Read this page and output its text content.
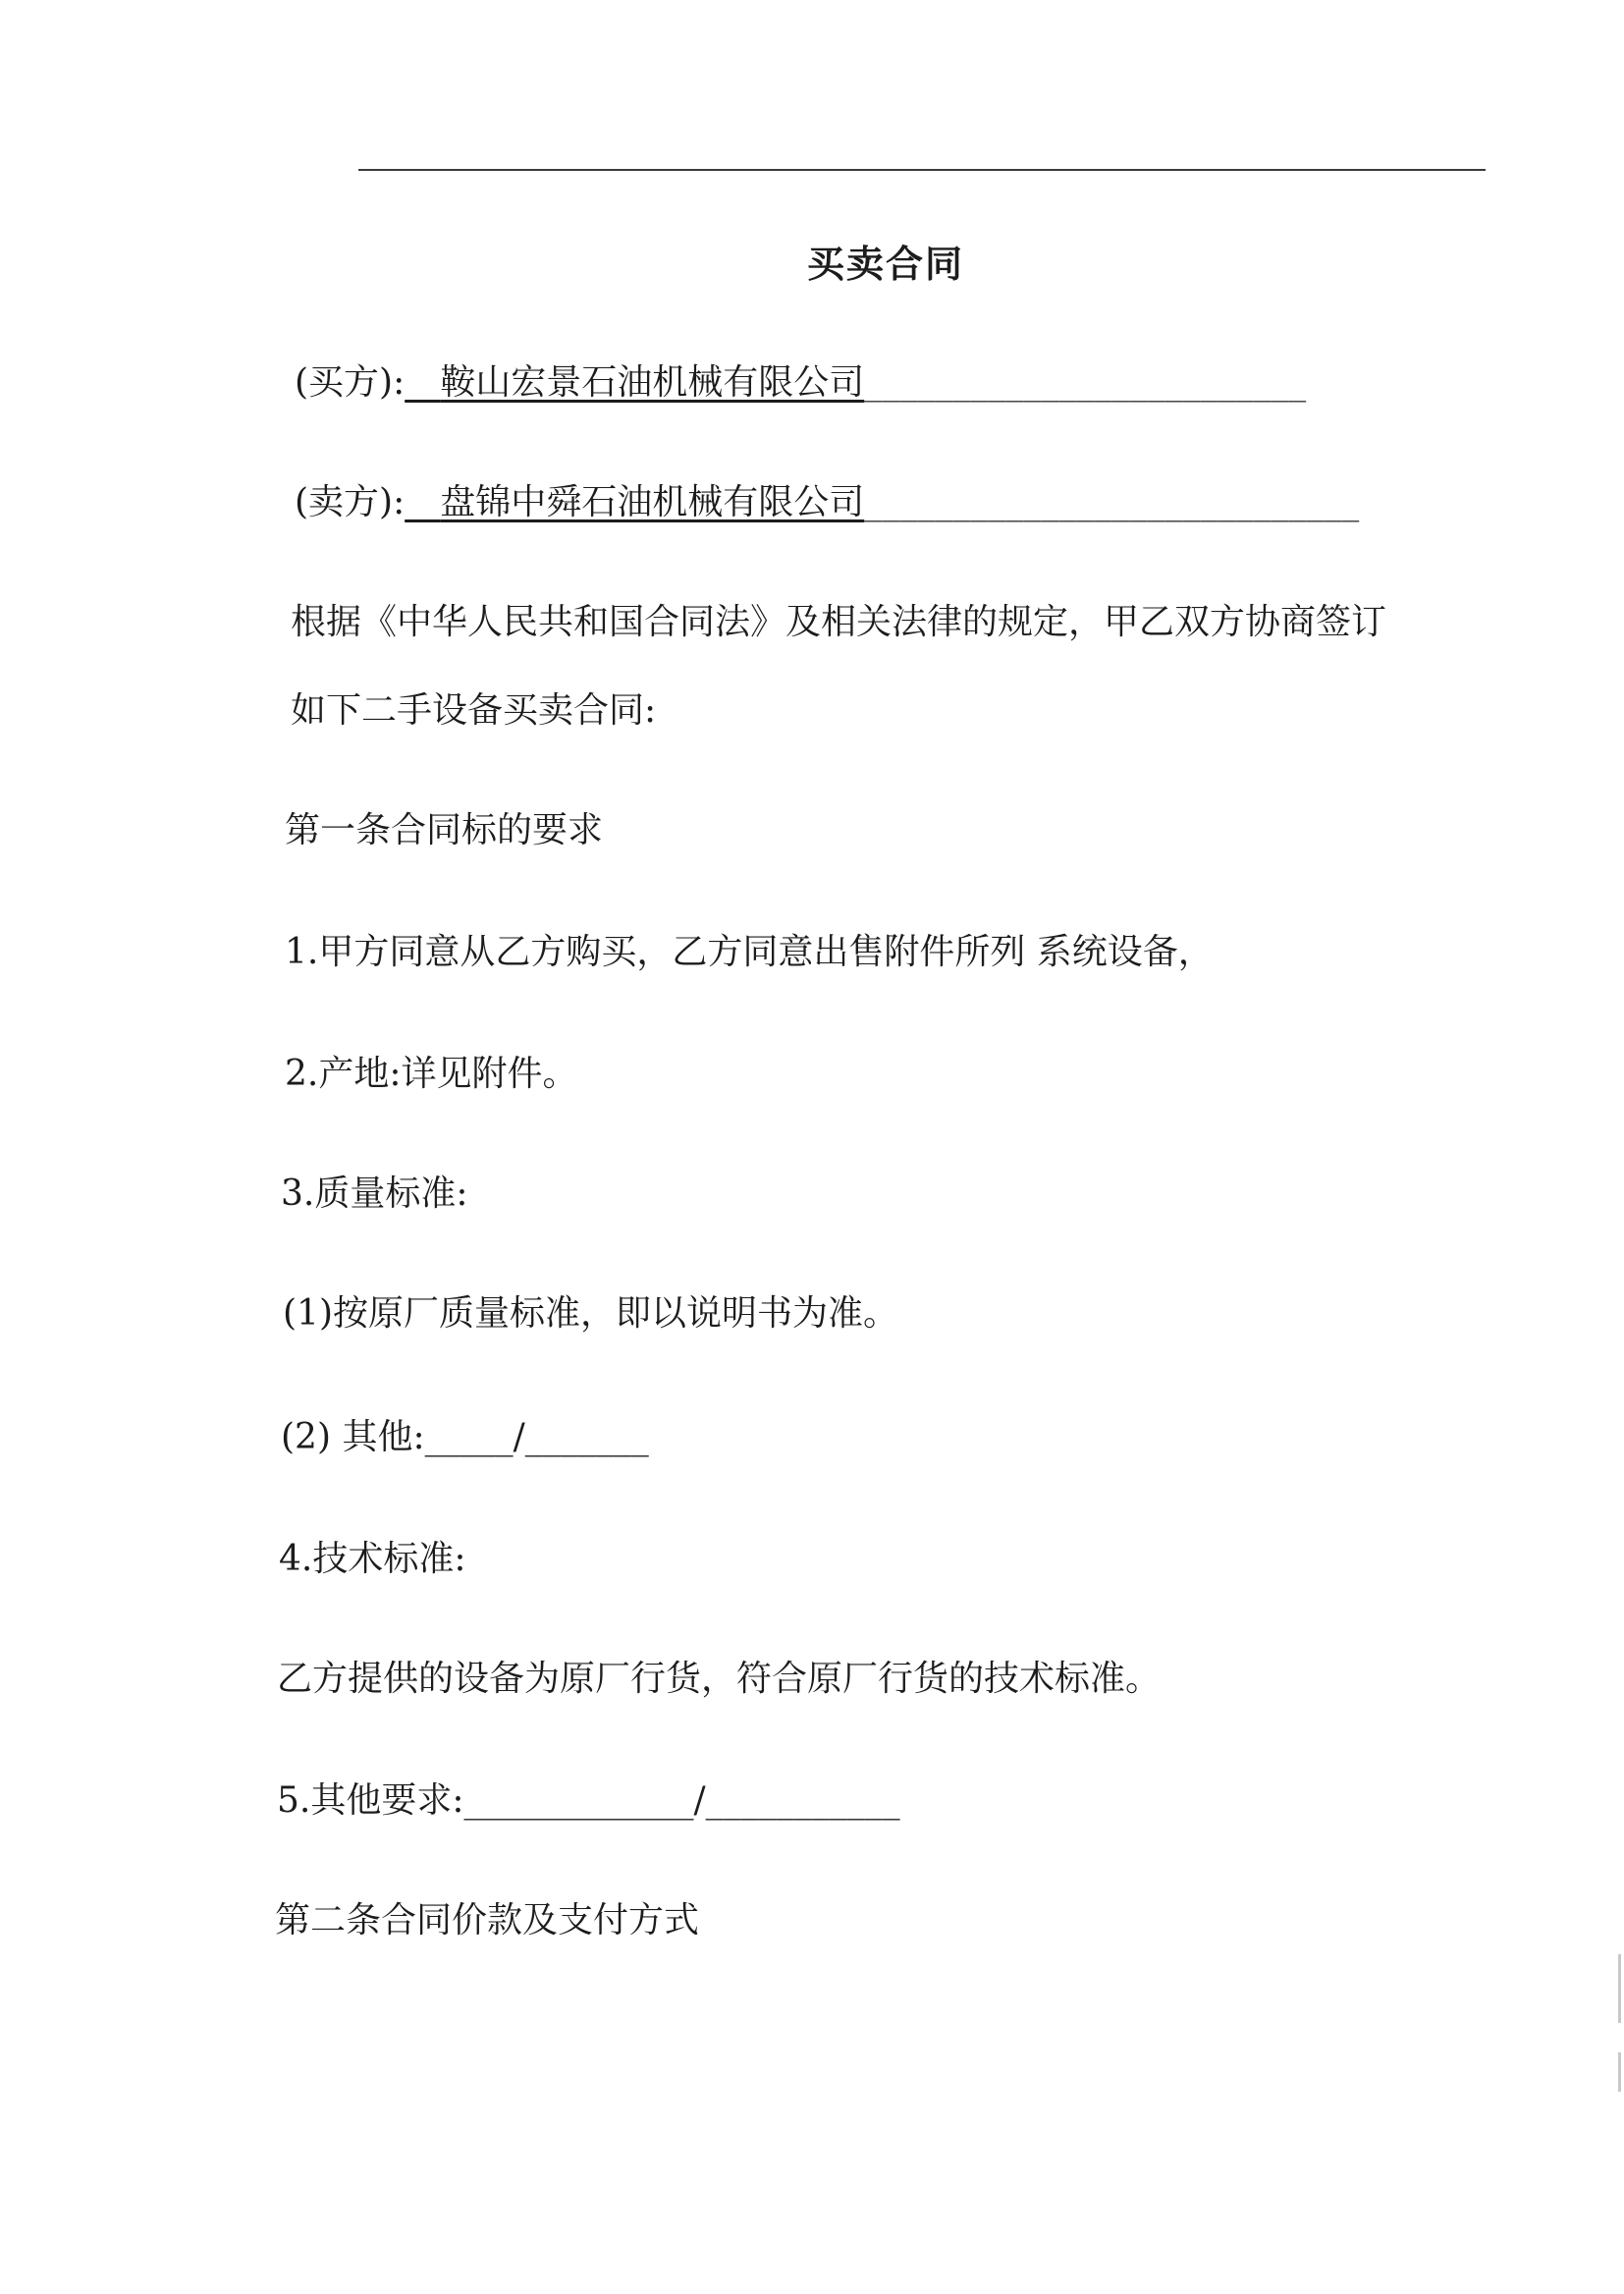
买卖合同
(买方):__鞍山宏景石油机械有限公司_________________________
(卖方):__盘锦中舜石油机械有限公司____________________________
根据《中华人民共和国合同法》及相关法律的规定，甲乙双方协商签订
如下二手设备买卖合同:
第一条合同标的要求
1.甲方同意从乙方购买，乙方同意出售附件所列 系统设备，
2.产地:详见附件。
3.质量标准:
(1)按原厂质量标准，即以说明书为准。
(2) 其他:_____/_______
4.技术标准:
乙方提供的设备为原厂行货，符合原厂行货的技术标准。
5.其他要求:_____________/___________
第二条合同价款及支付方式
